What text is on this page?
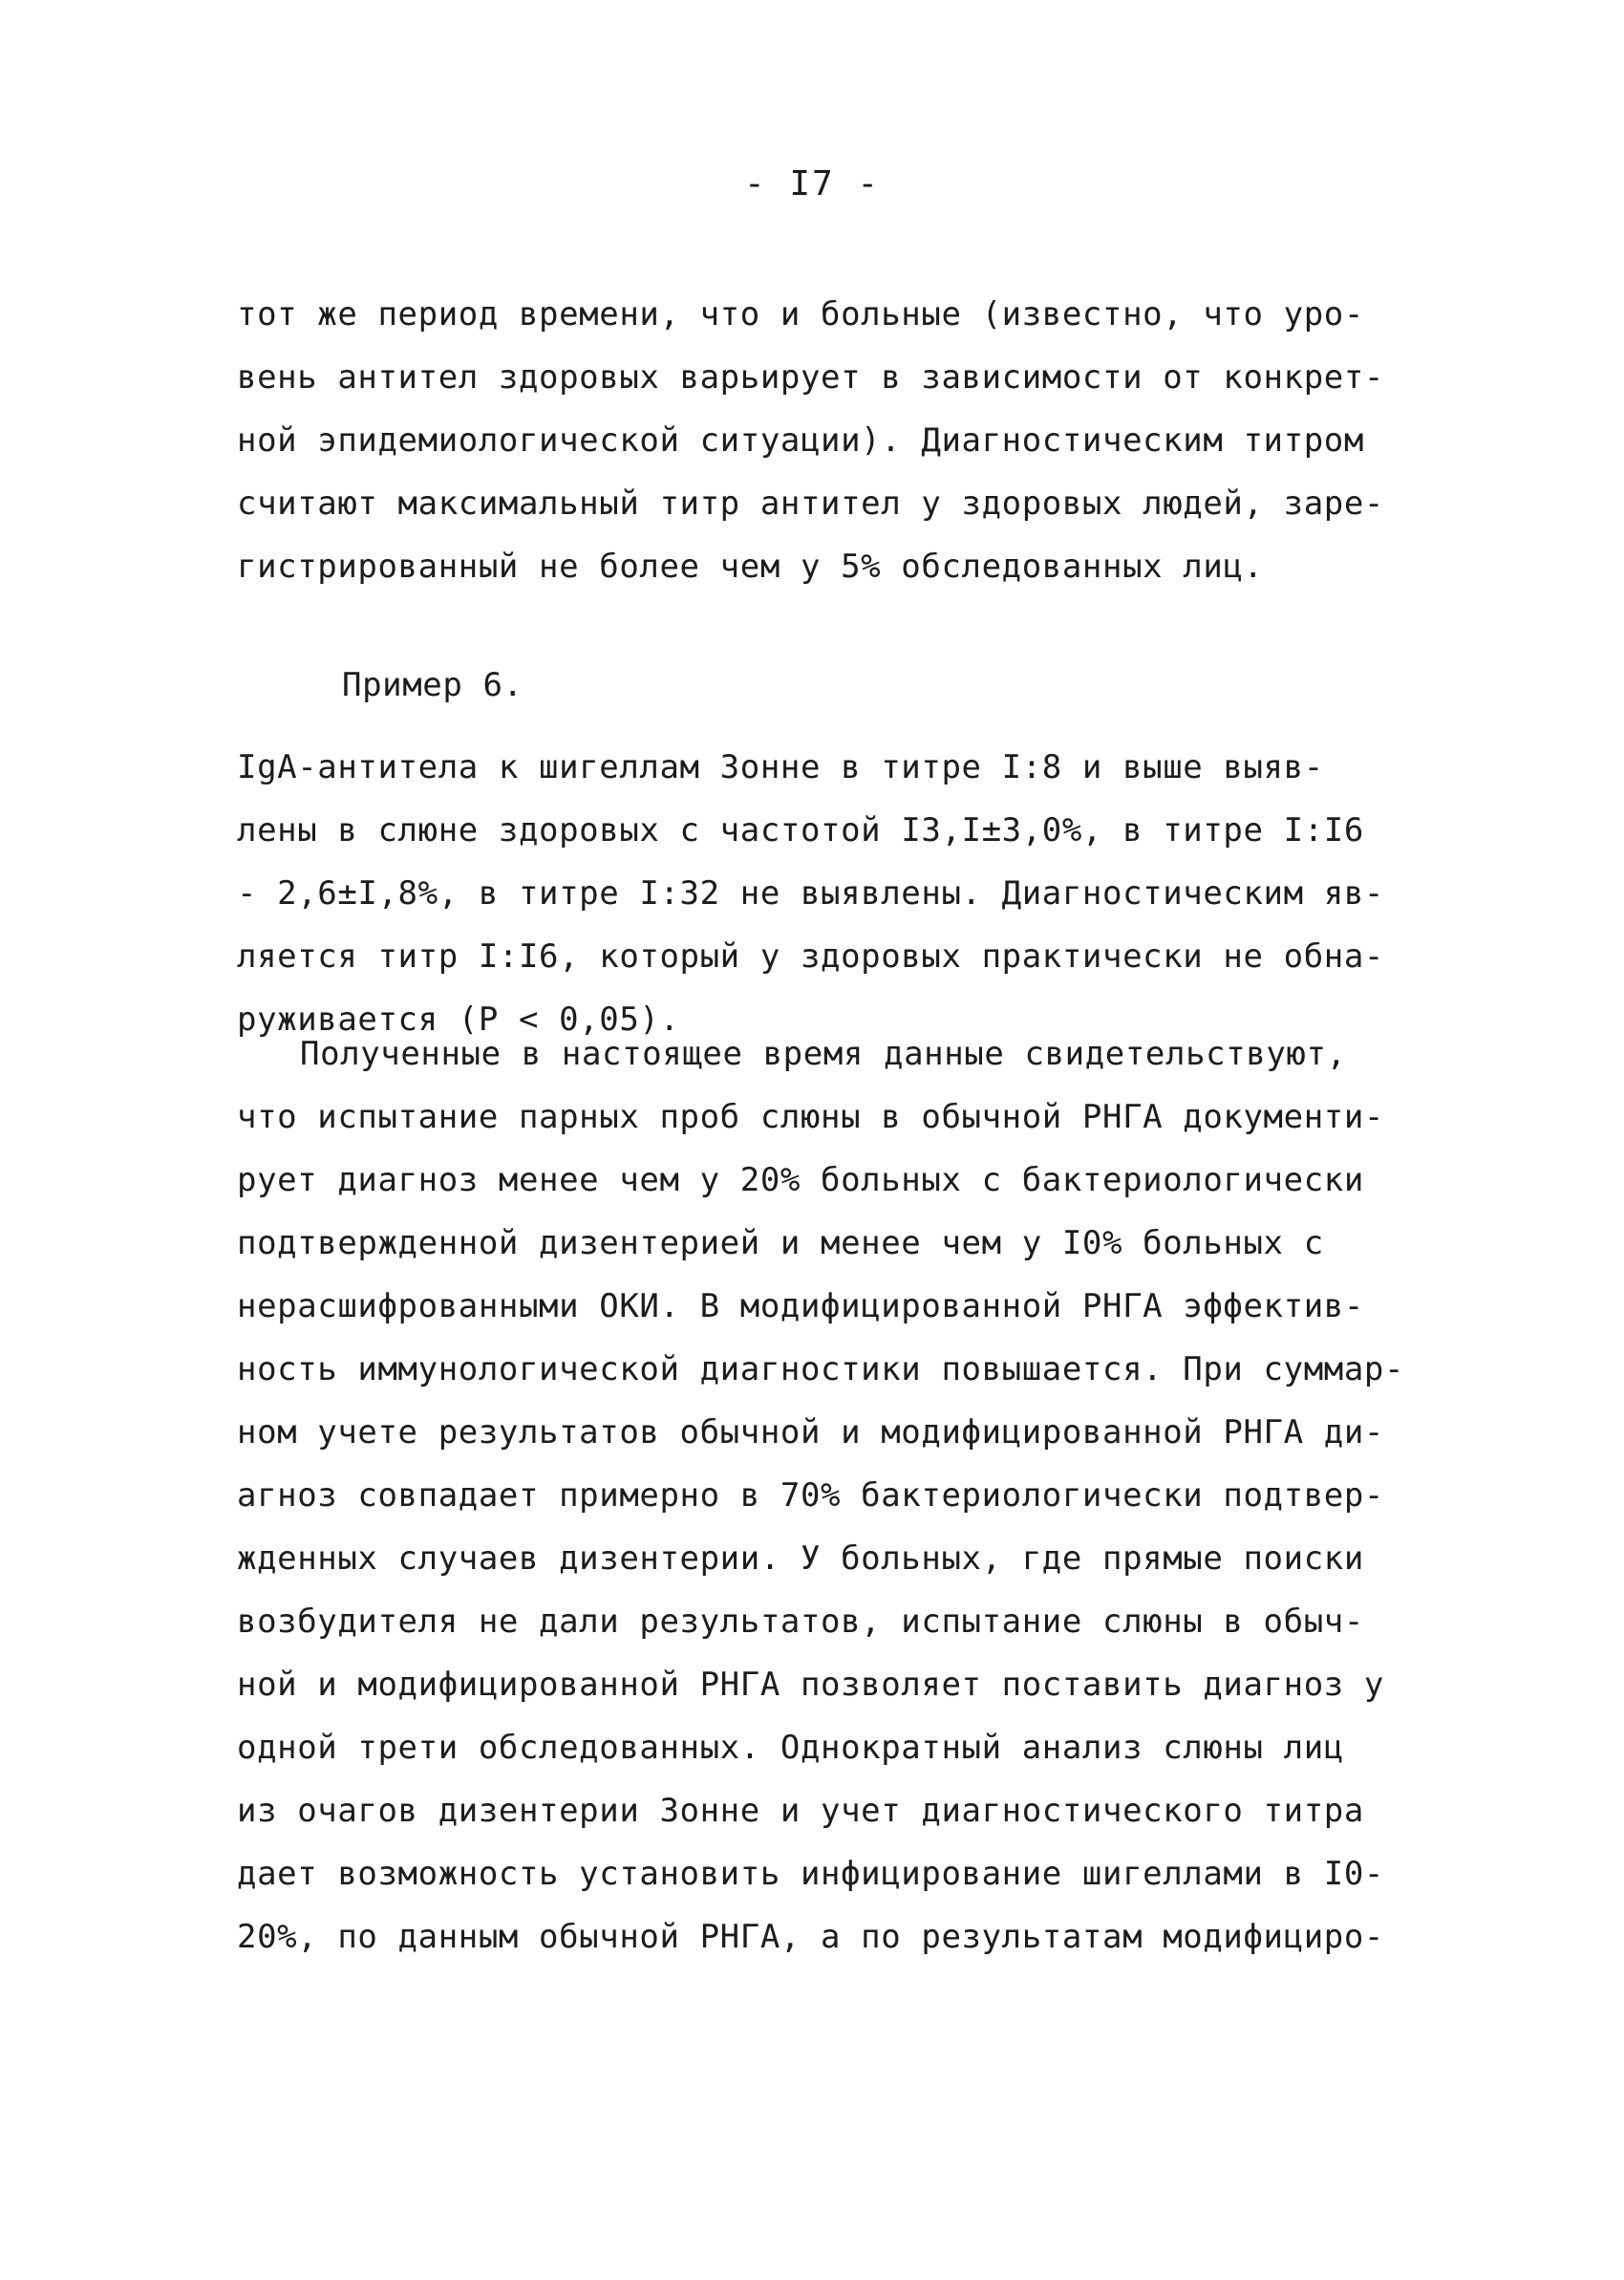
- I7 -
тот же период времени, что и больные (известно, что уро-
вень антител здоровых варьирует в зависимости от конкрет-
ной эпидемиологической ситуации). Диагностическим титром
считают максимальный титр антител у здоровых людей, заре-
гистрированный не более чем у 5% обследованных лиц.
Пример 6.
IgA-антитела к шигеллам Зонне в титре I:8 и выше выяв-
лены в слюне здоровых с частотой I3,I±3,0%, в титре I:I6
- 2,6±I,8%, в титре I:32 не выявлены. Диагностическим яв-
ляется титр I:I6, который у здоровых практически не обна-
руживается (P < 0,05).
Полученные в настоящее время данные свидетельствуют,
что испытание парных проб слюны в обычной РНГА документи-
рует диагноз менее чем у 20% больных с бактериологически
подтвержденной дизентерией и менее чем у I0% больных с
нерасшифрованными ОКИ. В модифицированной РНГА эффектив-
ность иммунологической диагностики повышается. При суммар-
ном учете результатов обычной и модифицированной РНГА ди-
агноз совпадает примерно в 70% бактериологически подтвер-
жденных случаев дизентерии. У больных, где прямые поиски
возбудителя не дали результатов, испытание слюны в обыч-
ной и модифицированной РНГА позволяет поставить диагноз у
одной трети обследованных. Однократный анализ слюны лиц
из очагов дизентерии Зонне и учет диагностического титра
дает возможность установить инфицирование шигеллами в I0-
20%, по данным обычной РНГА, а по результатам модифициро-
